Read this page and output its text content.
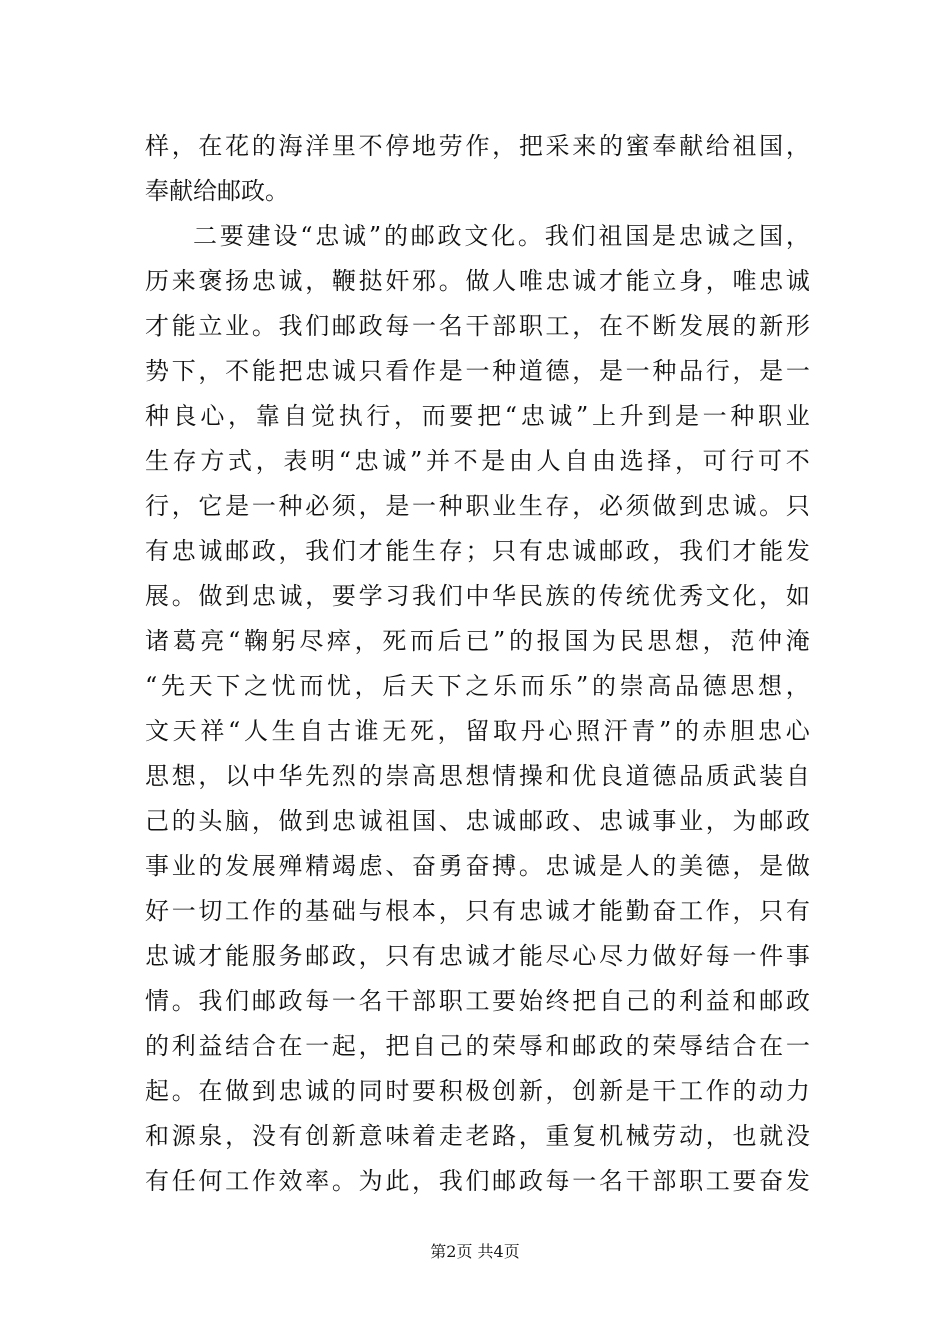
样 ， 在 花 的 海 洋 里 不 停 地 劳 作 ， 把 采 来 的 蜜 奉 献 给 祖 国 ，
奉献给邮政。
二 要 建 设 “ 忠 诚 ” 的 邮 政 文 化 。 我 们 祖 国 是 忠 诚 之 国 ，
历 来 褒 扬 忠 诚 ， 鞭 挞 奸 邪 。 做 人 唯 忠 诚 才 能 立 身 ， 唯 忠 诚
才 能 立 业 。 我 们 邮 政 每 一 名 干 部 职 工 ， 在 不 断 发 展 的 新 形
势 下 ， 不 能 把 忠 诚 只 看 作 是 一 种 道 德 ， 是 一 种 品 行 ， 是 一
种 良 心 ， 靠 自 觉 执 行 ， 而 要 把 “ 忠 诚 ” 上 升 到 是 一 种 职 业
生 存 方 式 ， 表 明 “ 忠 诚 ” 并 不 是 由 人 自 由 选 择 ， 可 行 可 不
行 ， 它 是 一 种 必 须 ， 是 一 种 职 业 生 存 ， 必 须 做 到 忠 诚 。 只
有 忠 诚 邮 政 ， 我 们 才 能 生 存 ； 只 有 忠 诚 邮 政 ， 我 们 才 能 发
展 。 做 到 忠 诚 ， 要 学 习 我 们 中 华 民 族 的 传 统 优 秀 文 化 ， 如
诸 葛 亮 “ 鞠 躬 尽 瘁 ， 死 而 后 已 ” 的 报 国 为 民 思 想 ， 范 仲 淹
“ 先 天 下 之 忧 而 忧 ， 后 天 下 之 乐 而 乐 ” 的 崇 高 品 德 思 想 ，
文 天 祥 “ 人 生 自 古 谁 无 死 ， 留 取 丹 心 照 汗 青 ” 的 赤 胆 忠 心
思 想 ， 以 中 华 先 烈 的 崇 高 思 想 情 操 和 优 良 道 德 品 质 武 装 自
己 的 头 脑 ， 做 到 忠 诚 祖 国 、 忠 诚 邮 政 、 忠 诚 事 业 ， 为 邮 政
事 业 的 发 展 殚 精 竭 虑 、 奋 勇 奋 搏 。 忠 诚 是 人 的 美 德 ， 是 做
好 一 切 工 作 的 基 础 与 根 本 ， 只 有 忠 诚 才 能 勤 奋 工 作 ， 只 有
忠 诚 才 能 服 务 邮 政 ， 只 有 忠 诚 才 能 尽 心 尽 力 做 好 每 一 件 事
情 。 我 们 邮 政 每 一 名 干 部 职 工 要 始 终 把 自 己 的 利 益 和 邮 政
的 利 益 结 合 在 一 起 ， 把 自 己 的 荣 辱 和 邮 政 的 荣 辱 结 合 在 一
起 。 在 做 到 忠 诚 的 同 时 要 积 极 创 新 ， 创 新 是 干 工 作 的 动 力
和 源 泉 ， 没 有 创 新 意 味 着 走 老 路 ， 重 复 机 械 劳 动 ， 也 就 没
有 任 何 工 作 效 率 。 为 此 ， 我 们 邮 政 每 一 名 干 部 职 工 要 奋 发
第2页 共4页
